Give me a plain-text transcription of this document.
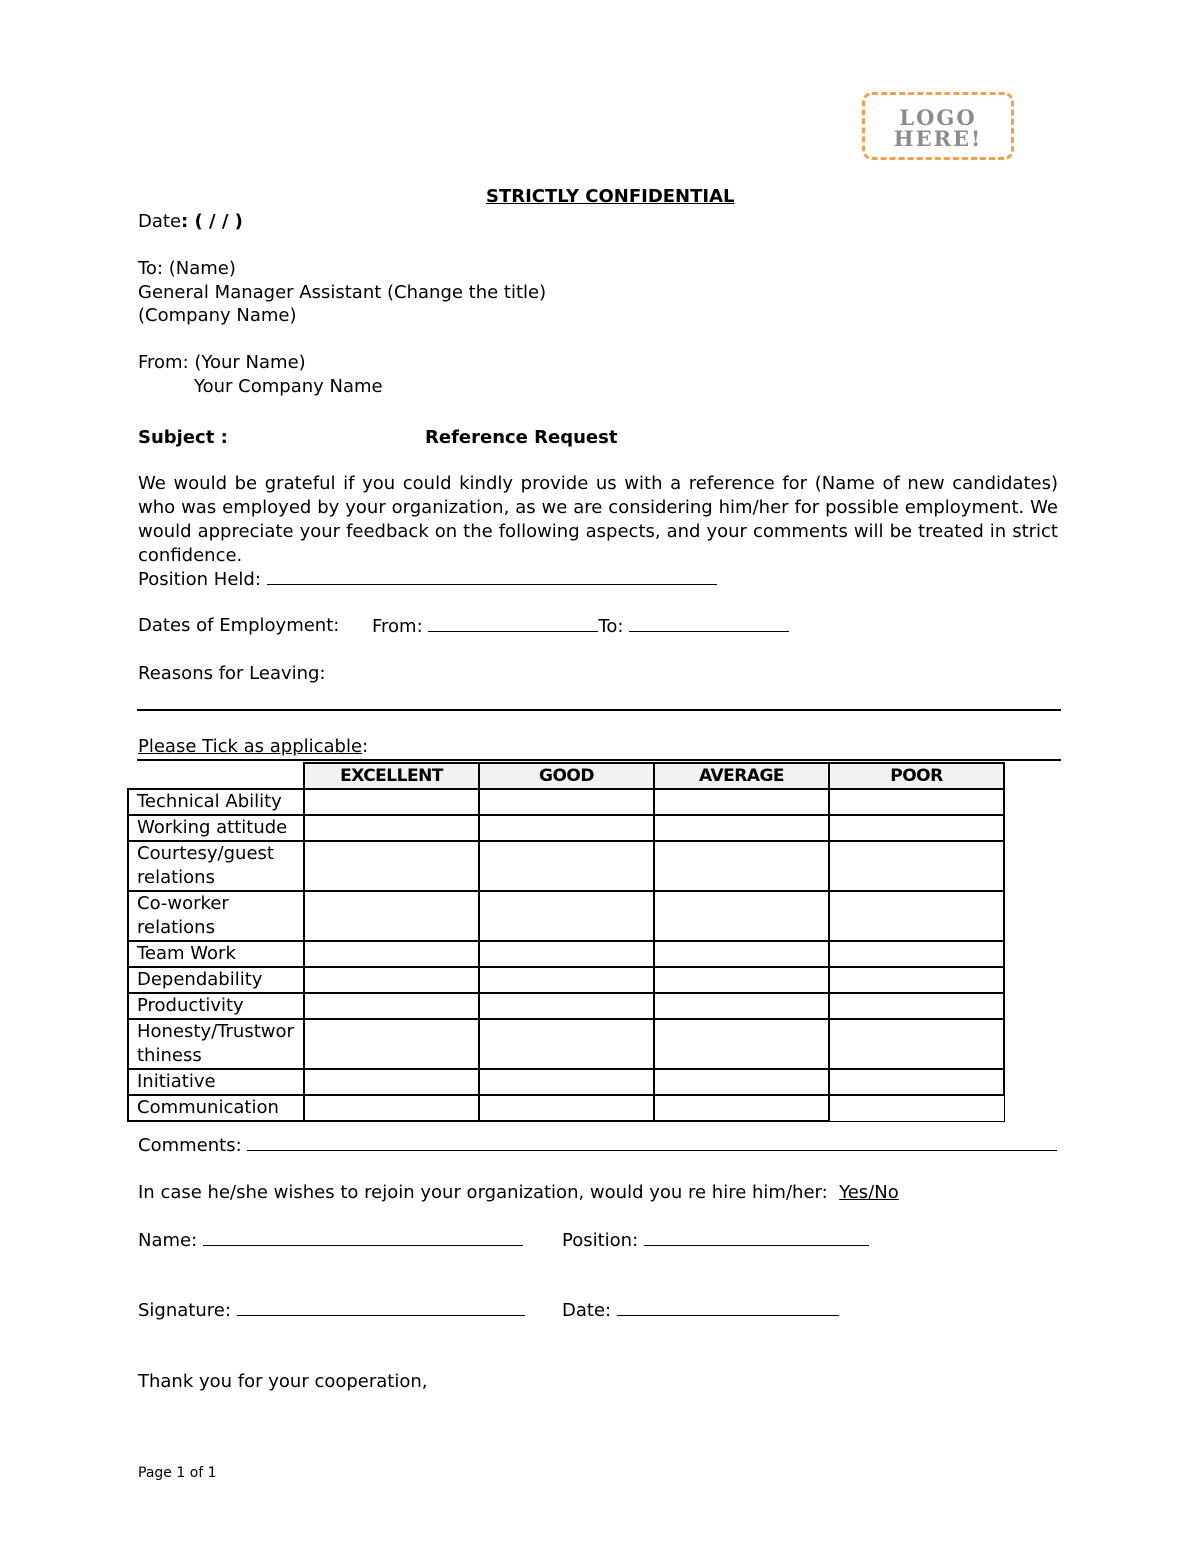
LOGO
HERE!
STRICTLY CONFIDENTIAL
Date: ( / / )
To: (Name)
General Manager Assistant (Change the title)
(Company Name)
From: (Your Name)
Your Company Name
Subject :	Reference Request
We would be grateful if you could kindly provide us with a reference for (Name of new candidates) who was employed by your organization, as we are considering him/her for possible employment. We would appreciate your feedback on the following aspects, and your comments will be treated in strict confidence.
Position Held:
Dates of Employment: From:	To:
Reasons for Leaving:
Please Tick as applicable:
	EXCELLENT	GOOD	AVERAGE	POOR
Technical Ability				
Working attitude				
Courtesy/guest relations				
Co-worker relations				
Team Work				
Dependability				
Productivity				
Honesty/Trustwor thiness				
Initiative				
Communication				
Comments:
In case he/she wishes to rejoin your organization, would you re hire him/her: Yes/No
Name:	Position:
Signature:	Date:
Thank you for your cooperation,
Page 1 of 1
